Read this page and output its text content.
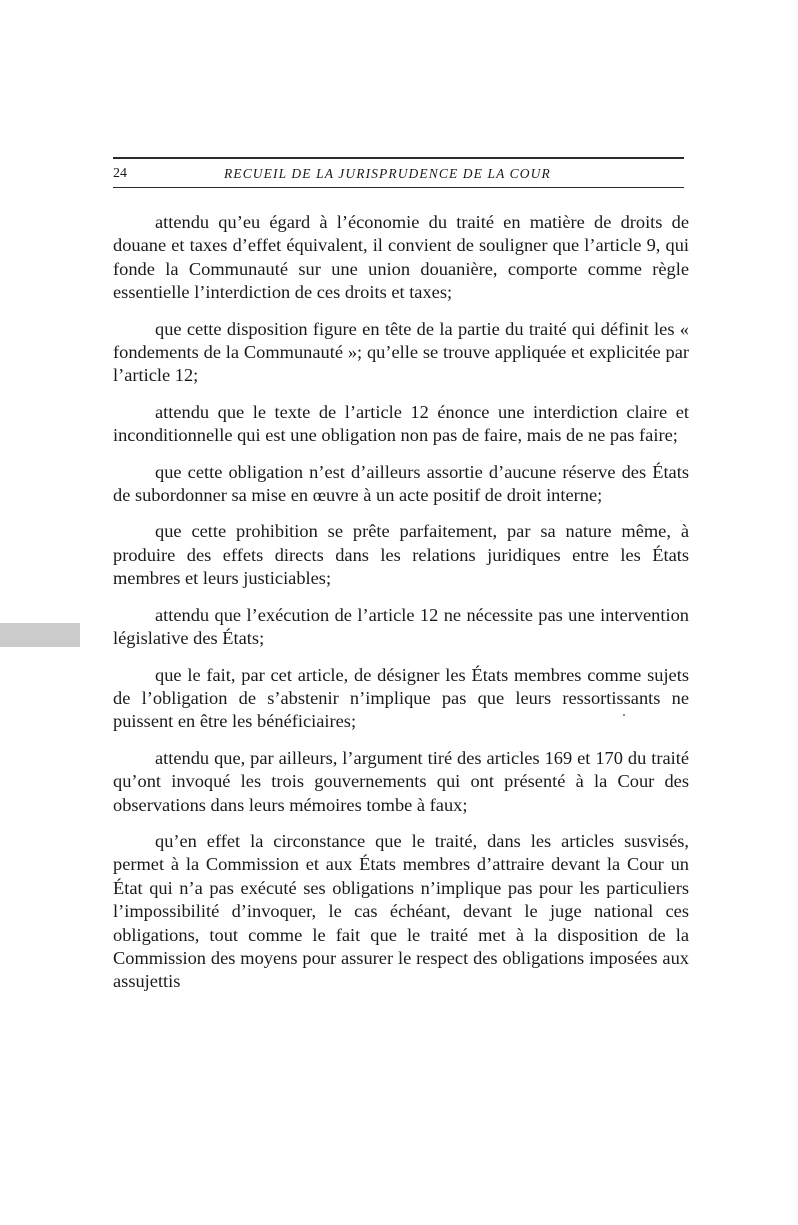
24	RECUEIL DE LA JURISPRUDENCE DE LA COUR

attendu qu’eu égard à l’économie du traité en matière de droits de douane et taxes d’effet équivalent, il convient de souligner que l’article 9, qui fonde la Communauté sur une union douanière, comporte comme règle essentielle l’interdiction de ces droits et taxes;

que cette disposition figure en tête de la partie du traité qui définit les « fondements de la Communauté »; qu’elle se trouve appliquée et explicitée par l’article 12;

attendu que le texte de l’article 12 énonce une interdiction claire et inconditionnelle qui est une obligation non pas de faire, mais de ne pas faire;

que cette obligation n’est d’ailleurs assortie d’aucune réserve des États de subordonner sa mise en œuvre à un acte positif de droit interne;

que cette prohibition se prête parfaitement, par sa nature même, à produire des effets directs dans les relations juridiques entre les États membres et leurs justiciables;

attendu que l’exécution de l’article 12 ne nécessite pas une intervention législative des États;

que le fait, par cet article, de désigner les États membres comme sujets de l’obligation de s’abstenir n’implique pas que leurs ressortissants ne puissent en être les bénéficiaires;

attendu que, par ailleurs, l’argument tiré des articles 169 et 170 du traité qu’ont invoqué les trois gouvernements qui ont présenté à la Cour des observations dans leurs mémoires tombe à faux;

qu’en effet la circonstance que le traité, dans les articles susvisés, permet à la Commission et aux États membres d’attraire devant la Cour un État qui n’a pas exécuté ses obligations n’implique pas pour les particuliers l’impossibilité d’invoquer, le cas échéant, devant le juge national ces obligations, tout comme le fait que le traité met à la disposition de la Commission des moyens pour assurer le respect des obligations imposées aux assujettis
